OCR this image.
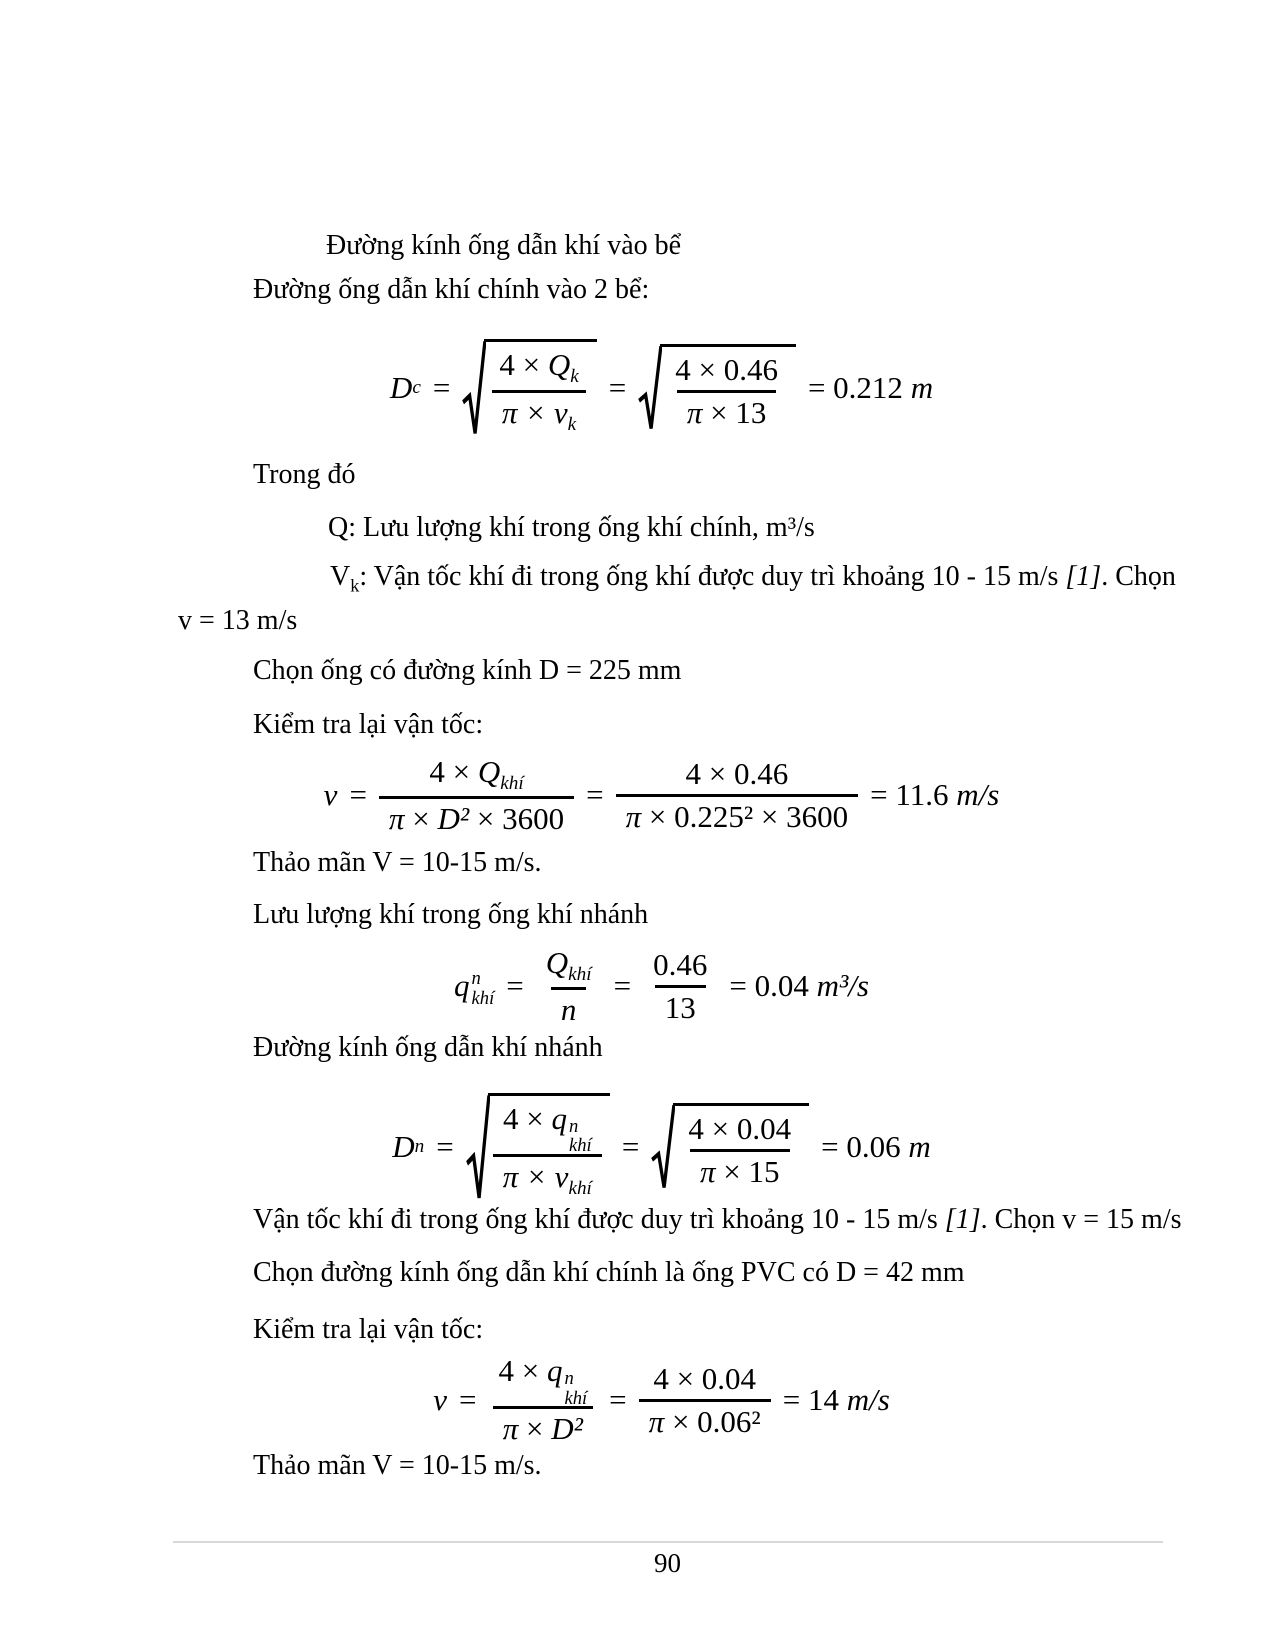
Đường kính ống dẫn khí vào bể
Đường ống dẫn khí chính vào 2 bể:
D $c = \frac{4 \times Q_k}{\pi \times v_k} = \frac{4 \times 0.46}{\pi \times 13} = 0.212$ m
Trong đó
Q: Lưu lượng khí trong ống khí chính, m³/s
$V_k$: Vận tốc khí đi trong ống khí được duy trì khoảng 10 - 15 m/s [1]. Chọn
v = 13 m/s
Chọn ống có đường kính D = 225 mm
Kiểm tra lại vận tốc:
$v = \frac{4 \times Q_{khí}}{\text{π × D² × 3600}} = \frac{4 \times 0.46}{\text{π × 0.225² × 3600}} = 11.6$ m/s
Thảo mãn V = 10-15 m/s.
Lưu lượng khí trong ống khí nhánh
q n
khí = $\frac{Q_{khí}}{n} = \frac{0.46}{13} = 0.04$ m³/s
Đường kính ống dẫn khí nhánh
D n = 4 × q n
khí
$\pi \times v_{khí} = \frac{4 \times 0.04}{\pi \times 15} = 0.06$ m
Vận tốc khí đi trong ống khí được duy trì khoảng 10 - 15 m/s [1]. Chọn v = 15 m/s
Chọn đường kính ống dẫn khí chính là ống PVC có D = 42 mm
Kiểm tra lại vận tốc:
v = 4 × q n
khí
$\pi \times D^2 = \frac{4 \times 0.04}{\text{π × 0.06²}} = 14$ m/s
Thảo mãn V = 10-15 m/s.
90
